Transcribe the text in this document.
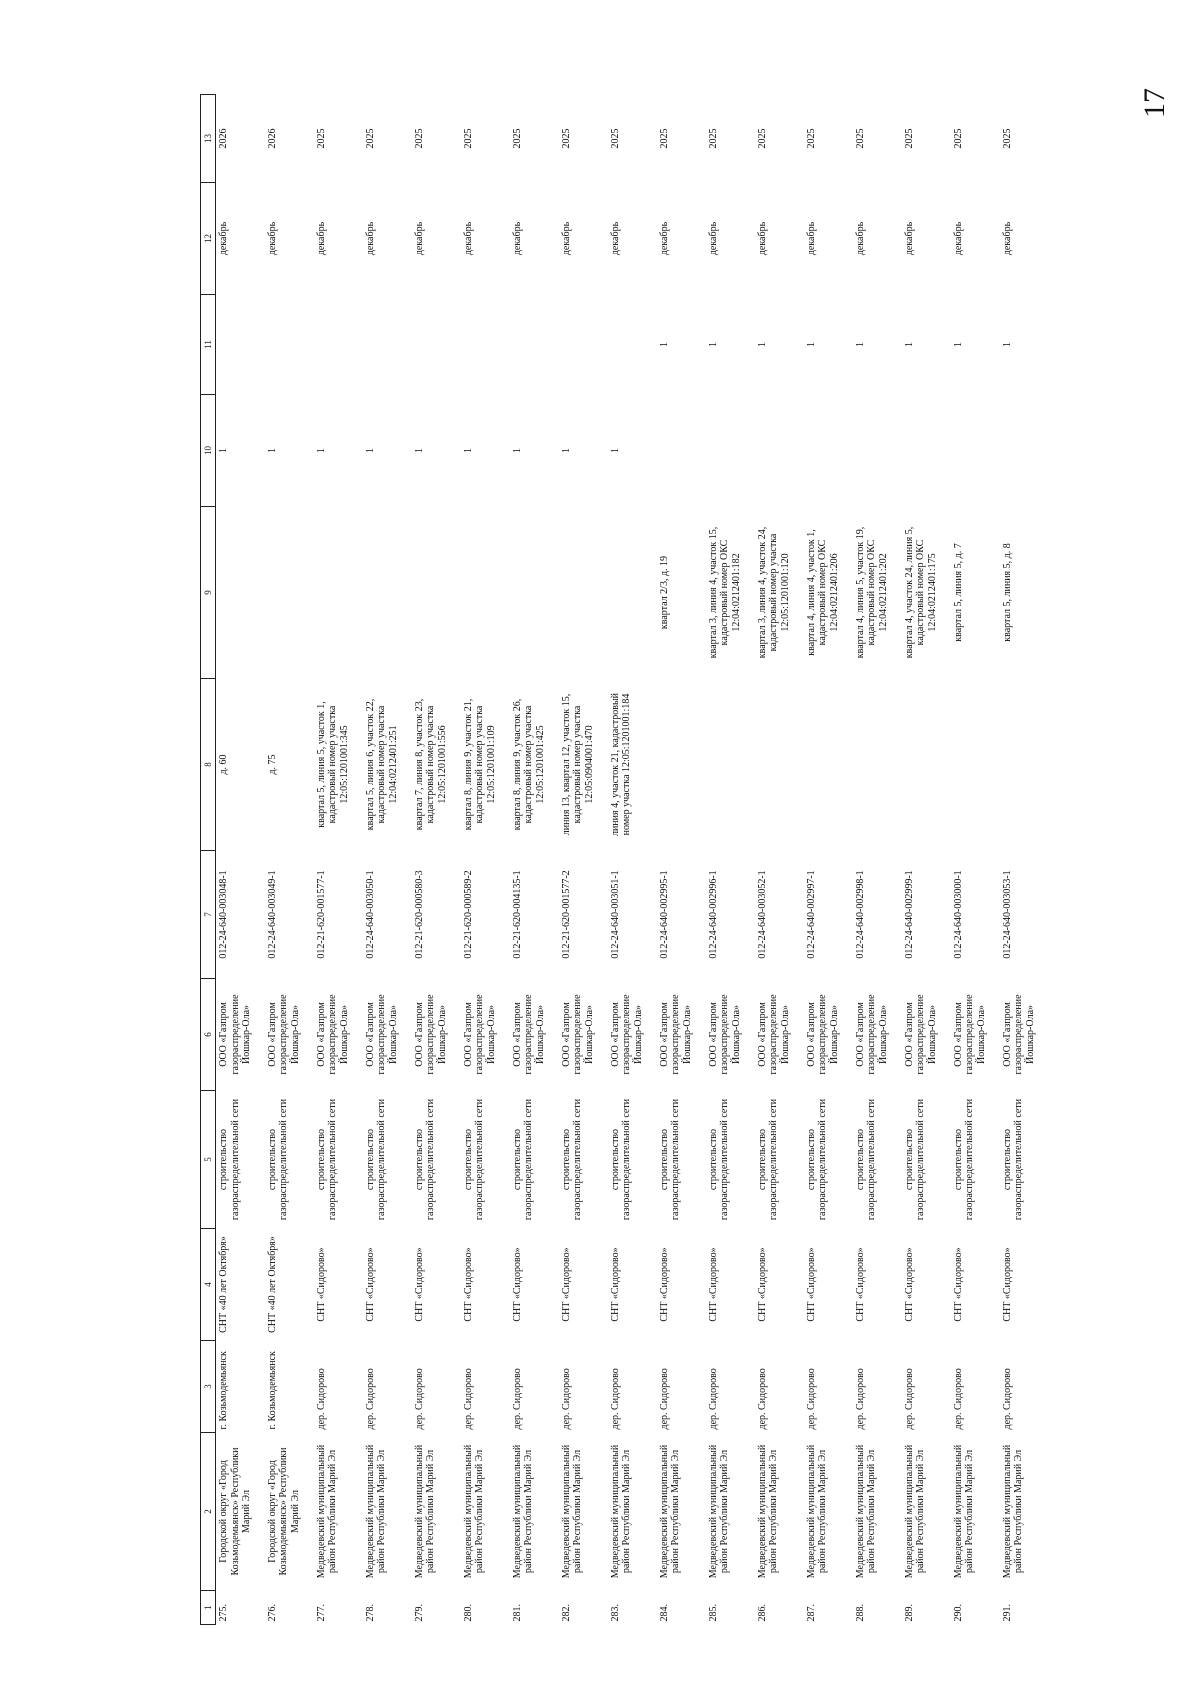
17
1	2	3	4	5	6	7	8	9	10	11	12	13
275.	Городской округ «Город Козьмодемьянск» Республики Марий Эл	г. Козьмодемьянск	СНТ «40 лет Октября»	строительство газораспределительной сети	ООО «Газпром газораспределение Йошкар-Ола»	012-24-640-003048-1	д. 60		1		декабрь	2026
276.	Городской округ «Город Козьмодемьянск» Республики Марий Эл	г. Козьмодемьянск	СНТ «40 лет Октября»	строительство газораспределительной сети	ООО «Газпром газораспределение Йошкар-Ола»	012-24-640-003049-1	д. 75		1		декабрь	2026
277.	Медведевский муниципальный район Республики Марий Эл	дер. Сидорово	СНТ «Сидорово»	строительство газораспределительной сети	ООО «Газпром газораспределение Йошкар-Ола»	012-21-620-001577-1	квартал 5, линия 5, участок 1, кадастровый номер участка 12:05:1201001:345		1		декабрь	2025
278.	Медведевский муниципальный район Республики Марий Эл	дер. Сидорово	СНТ «Сидорово»	строительство газораспределительной сети	ООО «Газпром газораспределение Йошкар-Ола»	012-24-640-003050-1	квартал 5, линия 6, участок 22, кадастровый номер участка 12:04:0212401:251		1		декабрь	2025
279.	Медведевский муниципальный район Республики Марий Эл	дер. Сидорово	СНТ «Сидорово»	строительство газораспределительной сети	ООО «Газпром газораспределение Йошкар-Ола»	012-21-620-000580-3	квартал 7, линия 8, участок 23, кадастровый номер участка 12:05:1201001:556		1		декабрь	2025
280.	Медведевский муниципальный район Республики Марий Эл	дер. Сидорово	СНТ «Сидорово»	строительство газораспределительной сети	ООО «Газпром газораспределение Йошкар-Ола»	012-21-620-000589-2	квартал 8, линия 9, участок 21, кадастровый номер участка 12:05:1201001:109		1		декабрь	2025
281.	Медведевский муниципальный район Республики Марий Эл	дер. Сидорово	СНТ «Сидорово»	строительство газораспределительной сети	ООО «Газпром газораспределение Йошкар-Ола»	012-21-620-004135-1	квартал 8, линия 9, участок 26, кадастровый номер участка 12:05:1201001:425		1		декабрь	2025
282.	Медведевский муниципальный район Республики Марий Эл	дер. Сидорово	СНТ «Сидорово»	строительство газораспределительной сети	ООО «Газпром газораспределение Йошкар-Ола»	012-21-620-001577-2	линия 13, квартал 12, участок 15, кадастровый номер участка 12:05:0904001:470		1		декабрь	2025
283.	Медведевский муниципальный район Республики Марий Эл	дер. Сидорово	СНТ «Сидорово»	строительство газораспределительной сети	ООО «Газпром газораспределение Йошкар-Ола»	012-24-640-003051-1	линия 4, участок 21, кадастровый номер участка 12:05:1201001:184		1		декабрь	2025
284.	Медведевский муниципальный район Республики Марий Эл	дер. Сидорово	СНТ «Сидорово»	строительство газораспределительной сети	ООО «Газпром газораспределение Йошкар-Ола»	012-24-640-002995-1		квартал 2/3, д. 19		1	декабрь	2025
285.	Медведевский муниципальный район Республики Марий Эл	дер. Сидорово	СНТ «Сидорово»	строительство газораспределительной сети	ООО «Газпром газораспределение Йошкар-Ола»	012-24-640-002996-1		квартал 3, линия 4, участок 15, кадастровый номер ОКС 12:04:0212401:182		1	декабрь	2025
286.	Медведевский муниципальный район Республики Марий Эл	дер. Сидорово	СНТ «Сидорово»	строительство газораспределительной сети	ООО «Газпром газораспределение Йошкар-Ола»	012-24-640-003052-1		квартал 3, линия 4, участок 24, кадастровый номер участка 12:05:1201001:120		1	декабрь	2025
287.	Медведевский муниципальный район Республики Марий Эл	дер. Сидорово	СНТ «Сидорово»	строительство газораспределительной сети	ООО «Газпром газораспределение Йошкар-Ола»	012-24-640-002997-1		квартал 4, линия 4, участок 1, кадастровый номер ОКС 12:04:0212401:206		1	декабрь	2025
288.	Медведевский муниципальный район Республики Марий Эл	дер. Сидорово	СНТ «Сидорово»	строительство газораспределительной сети	ООО «Газпром газораспределение Йошкар-Ола»	012-24-640-002998-1		квартал 4, линия 5, участок 19, кадастровый номер ОКС 12:04:0212401:202		1	декабрь	2025
289.	Медведевский муниципальный район Республики Марий Эл	дер. Сидорово	СНТ «Сидорово»	строительство газораспределительной сети	ООО «Газпром газораспределение Йошкар-Ола»	012-24-640-002999-1		квартал 4, участок 24, линия 5, кадастровый номер ОКС 12:04:0212401:175		1	декабрь	2025
290.	Медведевский муниципальный район Республики Марий Эл	дер. Сидорово	СНТ «Сидорово»	строительство газораспределительной сети	ООО «Газпром газораспределение Йошкар-Ола»	012-24-640-003000-1		квартал 5, линия 5, д. 7		1	декабрь	2025
291.	Медведевский муниципальный район Республики Марий Эл	дер. Сидорово	СНТ «Сидорово»	строительство газораспределительной сети	ООО «Газпром газораспределение Йошкар-Ола»	012-24-640-003053-1		квартал 5, линия 5, д. 8		1	декабрь	2025
